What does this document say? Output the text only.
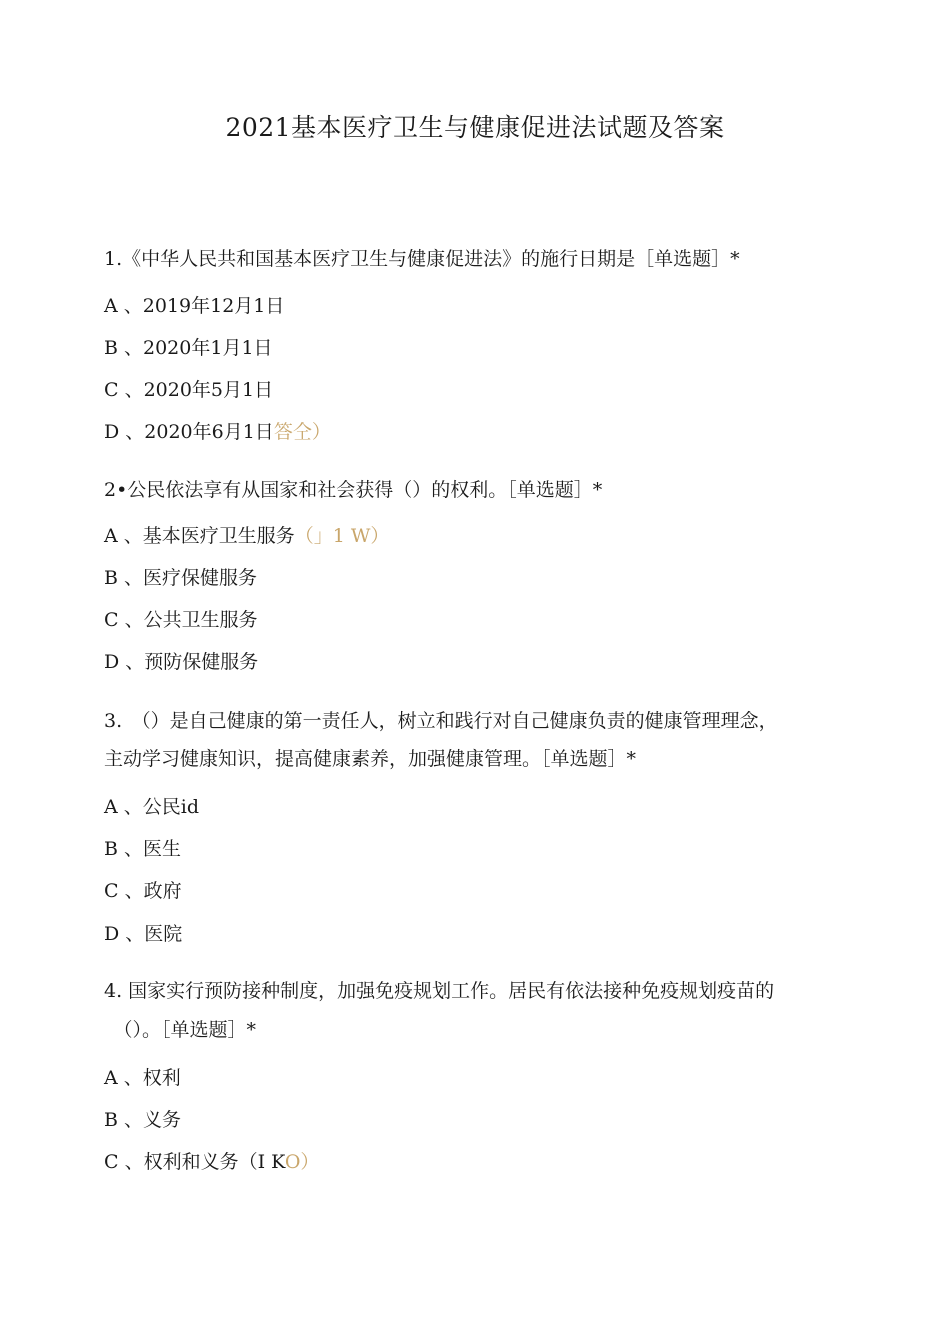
2021基本医疗卫生与健康促进法试题及答案
1.《中华人民共和国基本医疗卫生与健康促进法》的施行日期是［单选题］*
A 、2019年12月1日
B 、2020年1月1日
C 、2020年5月1日
D 、2020年6月1日答仝）
2•公民依法享有从国家和社会获得（）的权利。［单选题］*
A 、基本医疗卫生服务（」1 W）
B 、医疗保健服务
C 、公共卫生服务
D 、预防保健服务
3.　（）是自己健康的第一责任人，树立和践行对自己健康负责的健康管理理念，
主动学习健康知识，提高健康素养，加强健康管理。［单选题］*
A 、公民id
B 、医生
C 、政府
D 、医院
4. 国家实行预防接种制度，加强免疫规划工作。居民有依法接种免疫规划疫苗的
　（）。［单选题］*
A 、权利
B 、义务
C 、权利和义务（I KO）
